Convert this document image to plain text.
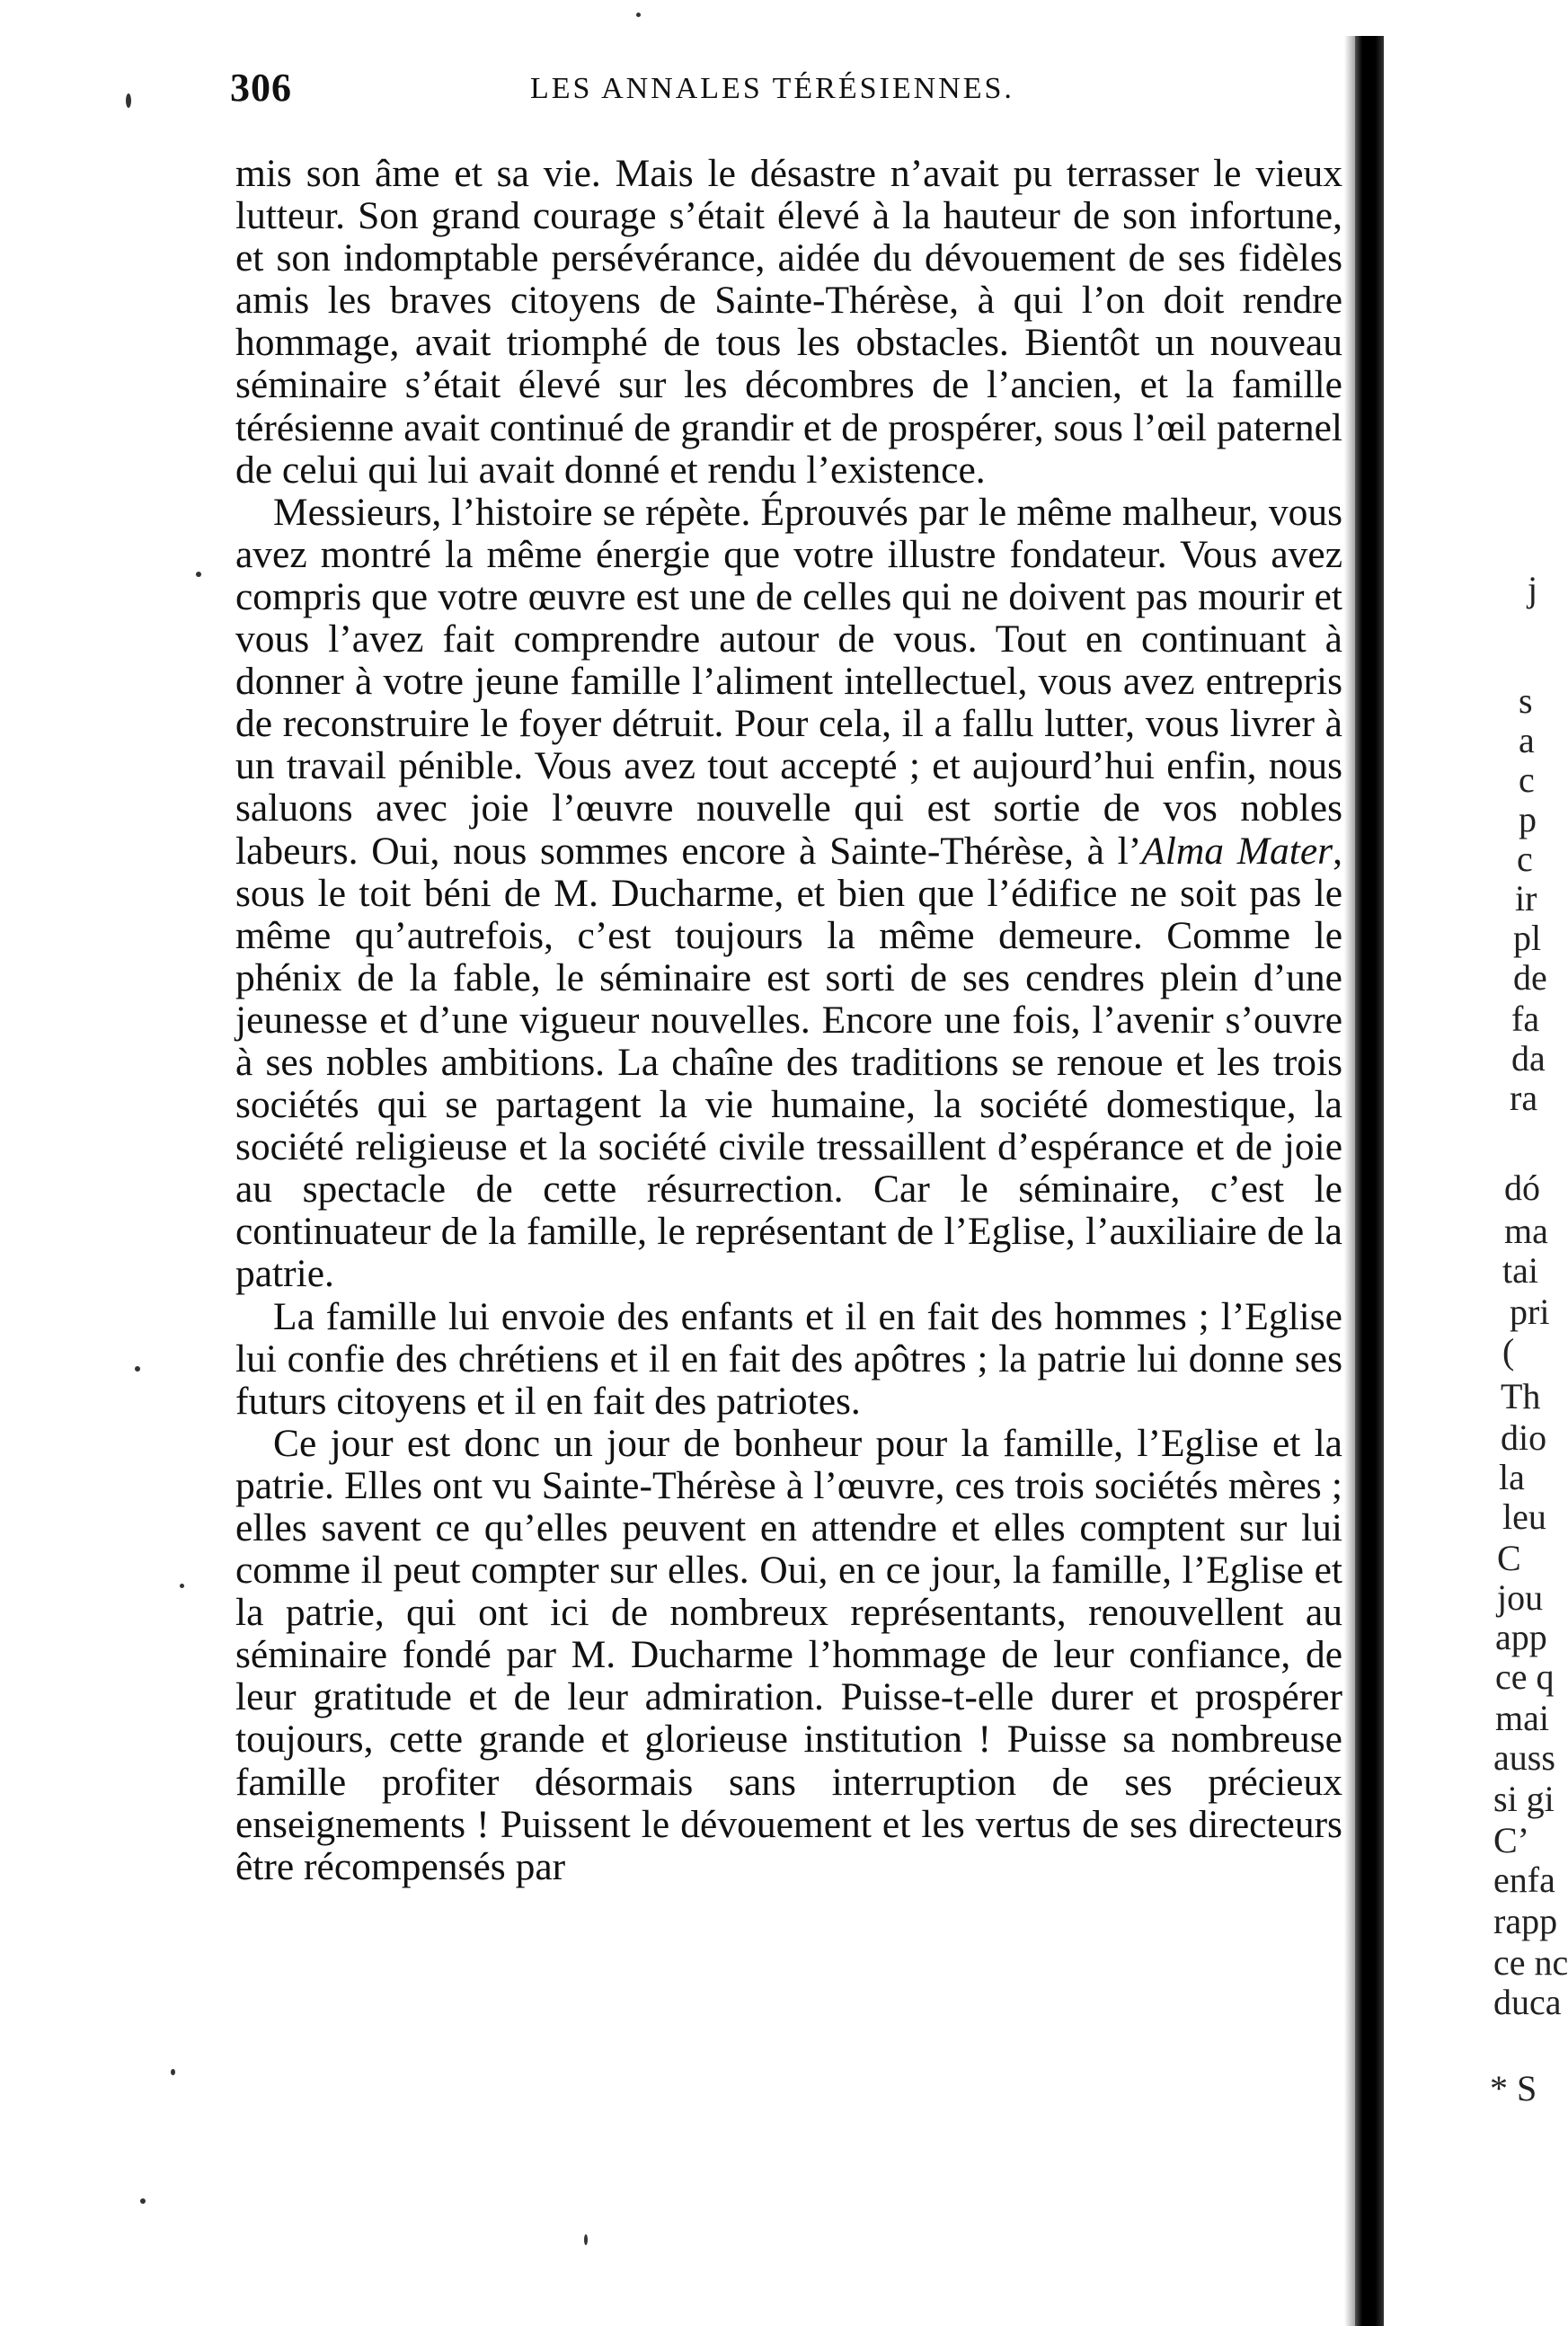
306	LES ANNALES TÉRÉSIENNES.

mis son âme et sa vie. Mais le désastre n’avait pu terrasser le vieux lutteur. Son grand courage s’était élevé à la hauteur de son infortune, et son indomptable persévérance, aidée du dévouement de ses fidèles amis les braves citoyens de Sainte-Thérèse, à qui l’on doit rendre hommage, avait triomphé de tous les obstacles. Bientôt un nouveau séminaire s’était élevé sur les décombres de l’ancien, et la famille térésienne avait continué de grandir et de prospérer, sous l’œil paternel de celui qui lui avait donné et rendu l’existence.

Messieurs, l’histoire se répète. Éprouvés par le même malheur, vous avez montré la même énergie que votre illustre fondateur. Vous avez compris que votre œuvre est une de celles qui ne doivent pas mourir et vous l’avez fait comprendre autour de vous. Tout en continuant à donner à votre jeune famille l’aliment intellectuel, vous avez entrepris de reconstruire le foyer détruit. Pour cela, il a fallu lutter, vous livrer à un travail pénible. Vous avez tout accepté ; et aujourd’hui enfin, nous saluons avec joie l’œuvre nouvelle qui est sortie de vos nobles labeurs. Oui, nous sommes encore à Sainte-Thérèse, à l’Alma Mater, sous le toit béni de M. Ducharme, et bien que l’édifice ne soit pas le même qu’autrefois, c’est toujours la même demeure. Comme le phénix de la fable, le séminaire est sorti de ses cendres plein d’une jeunesse et d’une vigueur nouvelles. Encore une fois, l’avenir s’ouvre à ses nobles ambitions. La chaîne des traditions se renoue et les trois sociétés qui se partagent la vie humaine, la société domestique, la société religieuse et la société civile tressaillent d’espérance et de joie au spectacle de cette résurrection. Car le séminaire, c’est le continuateur de la famille, le représentant de l’Eglise, l’auxiliaire de la patrie.

La famille lui envoie des enfants et il en fait des hommes ; l’Eglise lui confie des chrétiens et il en fait des apôtres ; la patrie lui donne ses futurs citoyens et il en fait des patriotes.

Ce jour est donc un jour de bonheur pour la famille, l’Eglise et la patrie. Elles ont vu Sainte-Thérèse à l’œuvre, ces trois sociétés mères ; elles savent ce qu’elles peuvent en attendre et elles comptent sur lui comme il peut compter sur elles. Oui, en ce jour, la famille, l’Eglise et la patrie, qui ont ici de nombreux représentants, renouvellent au séminaire fondé par M. Ducharme l’hommage de leur confiance, de leur gratitude et de leur admiration. Puisse-t-elle durer et prospérer toujours, cette grande et glorieuse institution ! Puisse sa nombreuse famille profiter désormais sans interruption de ses précieux enseignements ! Puissent le dévouement et les vertus de ses directeurs être récompensés par

j
s
a
c
p
c
ir
pl
de
fa
da
ra
dó
ma
tai
pri
(
Th
dio
la
leu
C
jou
app
ce q
mai
auss
si gi
C’
enfa
rapp
ce nc
duca
* S
